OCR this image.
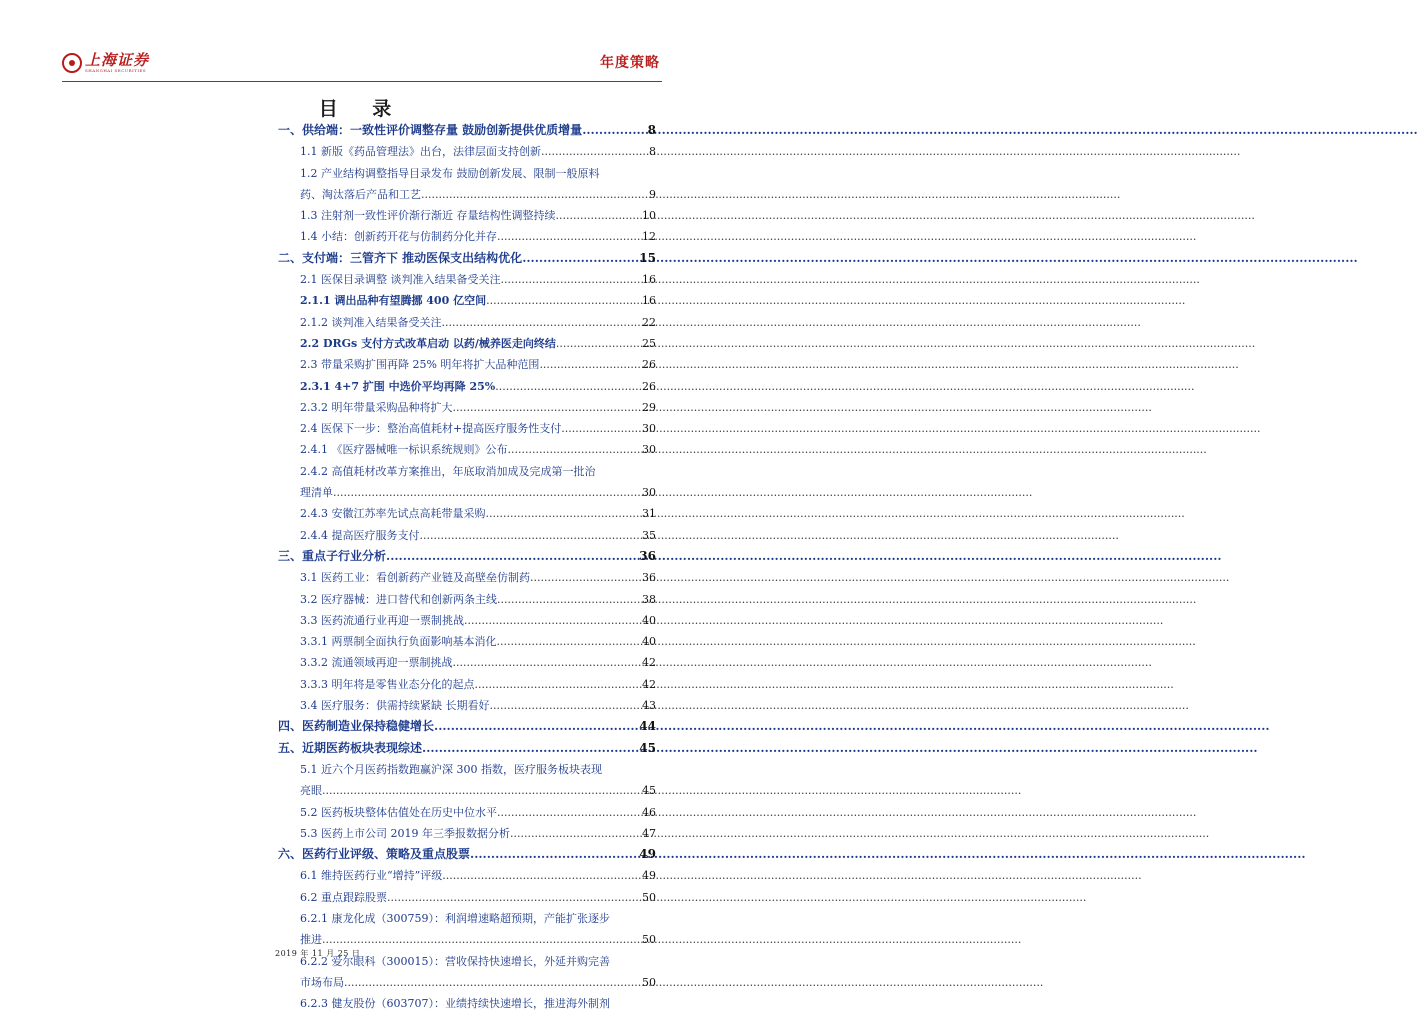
上海证券
SHANGHAI SECURITIES	年度策略
目 录
一、供给端：一致性评价调整存量 鼓励创新提供优质增量 .....	8
1.1 新版《药品管理法》出台，法律层面支持创新 .....	8
1.2 产业结构调整指导目录发布 鼓励创新发展、限制一般原料
药、淘汰落后产品和工艺 .....	9
1.3 注射剂一致性评价渐行渐近 存量结构性调整持续 .....	10
1.4 小结：创新药开花与仿制药分化并存 .....	12
二、支付端：三管齐下 推动医保支出结构优化 .....	15
2.1 医保目录调整 谈判准入结果备受关注 .....	16
2.1.1 调出品种有望腾挪 400 亿空间 .....	16
2.1.2 谈判准入结果备受关注 .....	22
2.2 DRGs 支付方式改革启动 以药/械养医走向终结 .....	25
2.3 带量采购扩围再降 25% 明年将扩大品种范围 .....	26
2.3.1 4+7 扩围 中选价平均再降 25% .....	26
2.3.2 明年带量采购品种将扩大 .....	29
2.4 医保下一步：整治高值耗材+提高医疗服务性支付 .....	30
2.4.1 《医疗器械唯一标识系统规则》公布 .....	30
2.4.2 高值耗材改革方案推出，年底取消加成及完成第一批治
理清单 .....	30
2.4.3 安徽江苏率先试点高耗带量采购 .....	31
2.4.4 提高医疗服务支付 .....	35
三、重点子行业分析 .....	36
3.1 医药工业：看创新药产业链及高壁垒仿制药 .....	36
3.2 医疗器械：进口替代和创新两条主线 .....	38
3.3 医药流通行业再迎一票制挑战 .....	40
3.3.1 两票制全面执行负面影响基本消化 .....	40
3.3.2 流通领域再迎一票制挑战 .....	42
3.3.3 明年将是零售业态分化的起点 .....	42
3.4 医疗服务：供需持续紧缺 长期看好 .....	43
四、医药制造业保持稳健增长 .....	44
五、近期医药板块表现综述 .....	45
5.1 近六个月医药指数跑赢沪深 300 指数，医疗服务板块表现
亮眼 .....	45
5.2 医药板块整体估值处在历史中位水平 .....	46
5.3 医药上市公司 2019 年三季报数据分析 .....	47
六、医药行业评级、策略及重点股票 .....	49
6.1 维持医药行业“增持”评级 .....	49
6.2 重点跟踪股票 .....	50
6.2.1 康龙化成（300759）：利润增速略超预期，产能扩张逐步
推进 .....	50
6.2.2 爱尔眼科（300015）：营收保持快速增长，外延并购完善
市场布局 .....	50
6.2.3 健友股份（603707）：业绩持续快速增长，推进海外制剂
2019 年 11 月 25 日
